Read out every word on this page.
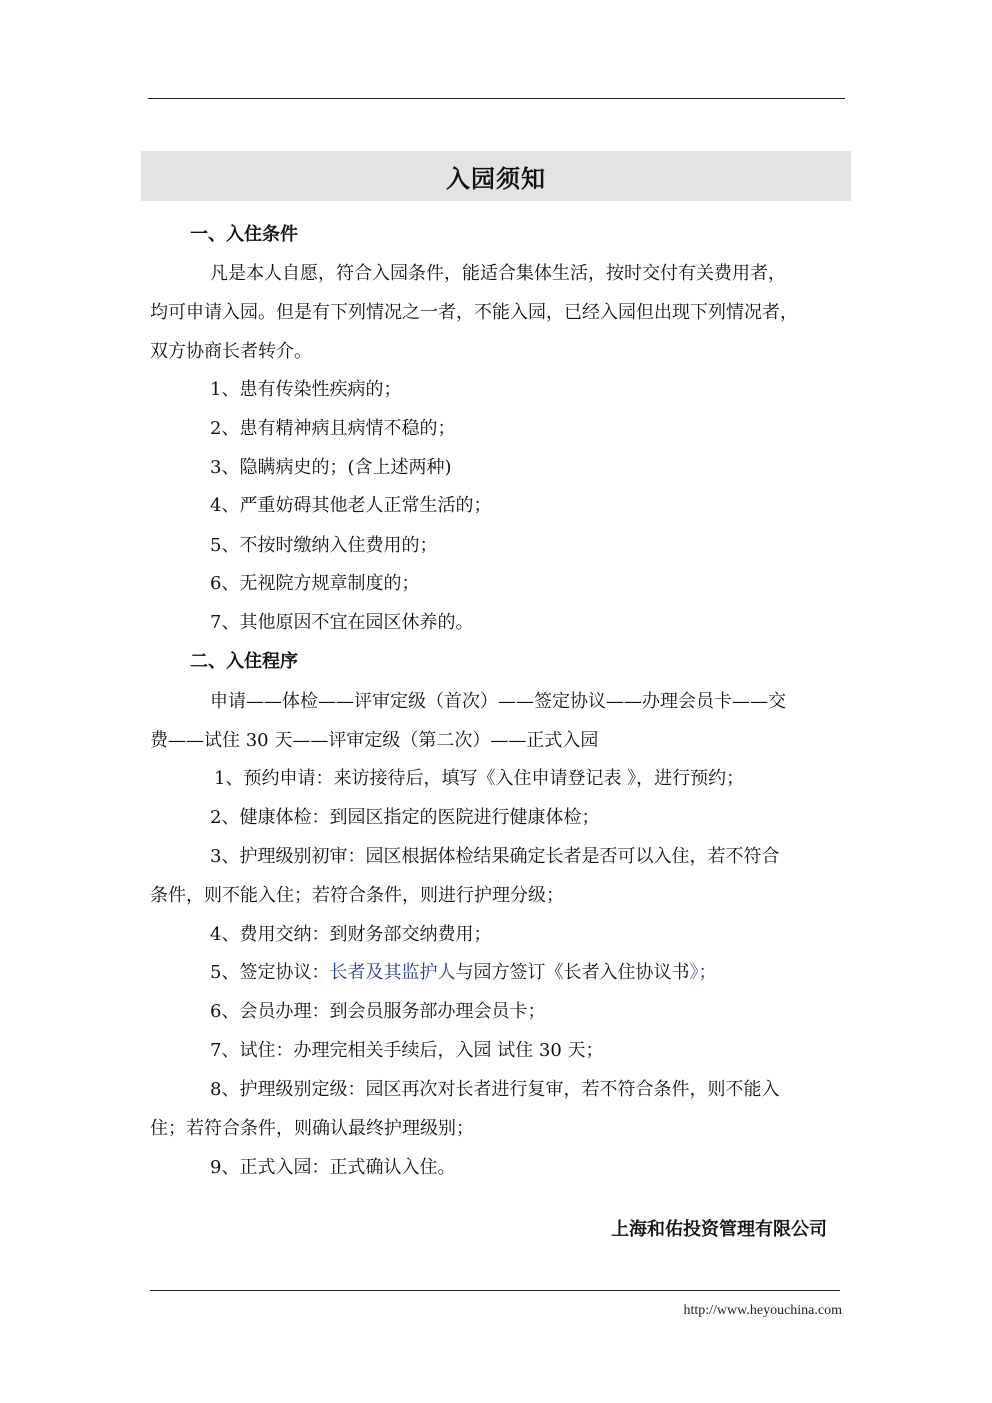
入园须知
一、入住条件
凡是本人自愿，符合入园条件，能适合集体生活，按时交付有关费用者，
均可申请入园。但是有下列情况之一者，不能入园，已经入园但出现下列情况者，
双方协商长者转介。
1、患有传染性疾病的；
2、患有精神病且病情不稳的；
3、隐瞒病史的；(含上述两种)
4、严重妨碍其他老人正常生活的；
5、不按时缴纳入住费用的；
6、无视院方规章制度的；
7、其他原因不宜在园区休养的。
二、入住程序
申请——体检——评审定级（首次）——签定协议——办理会员卡——交
费——试住 30 天——评审定级（第二次）——正式入园
1、预约申请：来访接待后，填写《入住申请登记表 》，进行预约；
2、健康体检：到园区指定的医院进行健康体检；
3、护理级别初审：园区根据体检结果确定长者是否可以入住，若不符合
条件，则不能入住；若符合条件，则进行护理分级；
4、费用交纳：到财务部交纳费用；
5、签定协议：长者及其监护人与园方签订《长者入住协议书》；
6、会员办理：到会员服务部办理会员卡；
7、试住：办理完相关手续后，入园 试住 30 天；
8、护理级别定级：园区再次对长者进行复审，若不符合条件，则不能入
住；若符合条件，则确认最终护理级别；
9、正式入园：正式确认入住。
上海和佑投资管理有限公司
http://www.heyouchina.com
